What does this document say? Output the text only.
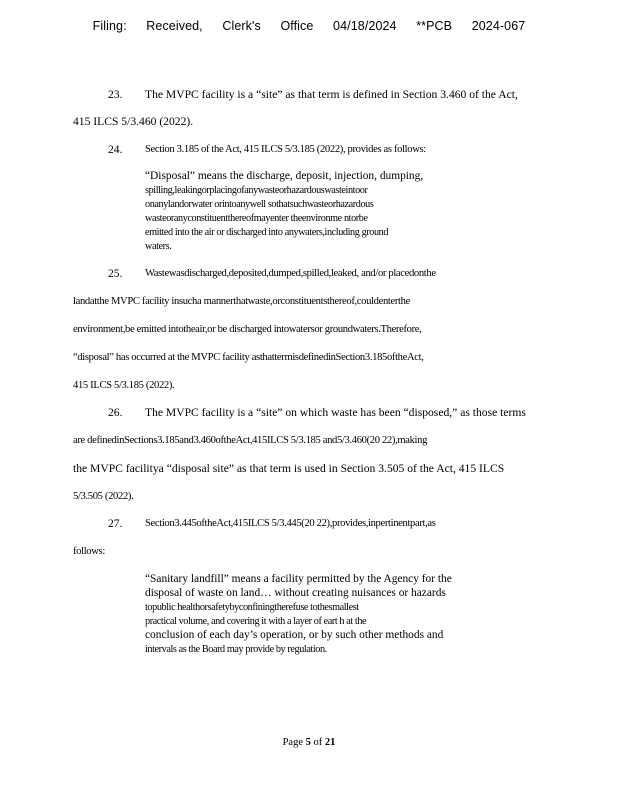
Filing: Received, Clerk's Office 04/18/2024 **PCB 2024-067
23. The MVPC facility is a “site” as that term is defined in Section 3.460 of the Act,
415 ILCS 5/3.460 (2022).
24. Section 3.185 of the Act, 415 ILCS 5/3.185 (2022), provides as follows:
“Disposal” means the discharge, deposit, injection, dumping,
spilling,leakingorplacingofanywasteorhazardouswasteintoor
onanylandorwater orintoanywell sothatsuchwasteorhazardous
wasteoranyconstituentthereofmayenter theenvironme ntorbe
emitted into the air or discharged into anywaters,including ground
waters.
25. Wastewasdischarged,deposited,dumped,spilled,leaked, and/or placedonthe
landatthe MVPC facility insucha mannerthatwaste,orconstituentsthereof,couldenterthe
environment,be emitted intotheair,or be discharged intowatersor groundwaters.Therefore,
“disposal” has occurred at the MVPC facility asthattermisdefinedinSection3.185oftheAct,
415 ILCS 5/3.185 (2022).
26. The MVPC facility is a “site” on which waste has been “disposed,” as those terms
are definedinSections3.185and3.460oftheAct,415ILCS 5/3.185 and5/3.460(20 22),making
the MVPC facilitya “disposal site” as that term is used in Section 3.505 of the Act, 415 ILCS
5/3.505 (2022).
27. Section3.445oftheAct,415ILCS 5/3.445(20 22),provides,inpertinentpart,as
follows:
“Sanitary landfill” means a facility permitted by the Agency for the
disposal of waste on land… without creating nuisances or hazards
topublic healthorsafetybyconfiningtherefuse tothesmallest
practical volume, and covering it with a layer of eart h at the
conclusion of each day’s operation, or by such other methods and
intervals as the Board may provide by regulation.
Page 5 of 21
